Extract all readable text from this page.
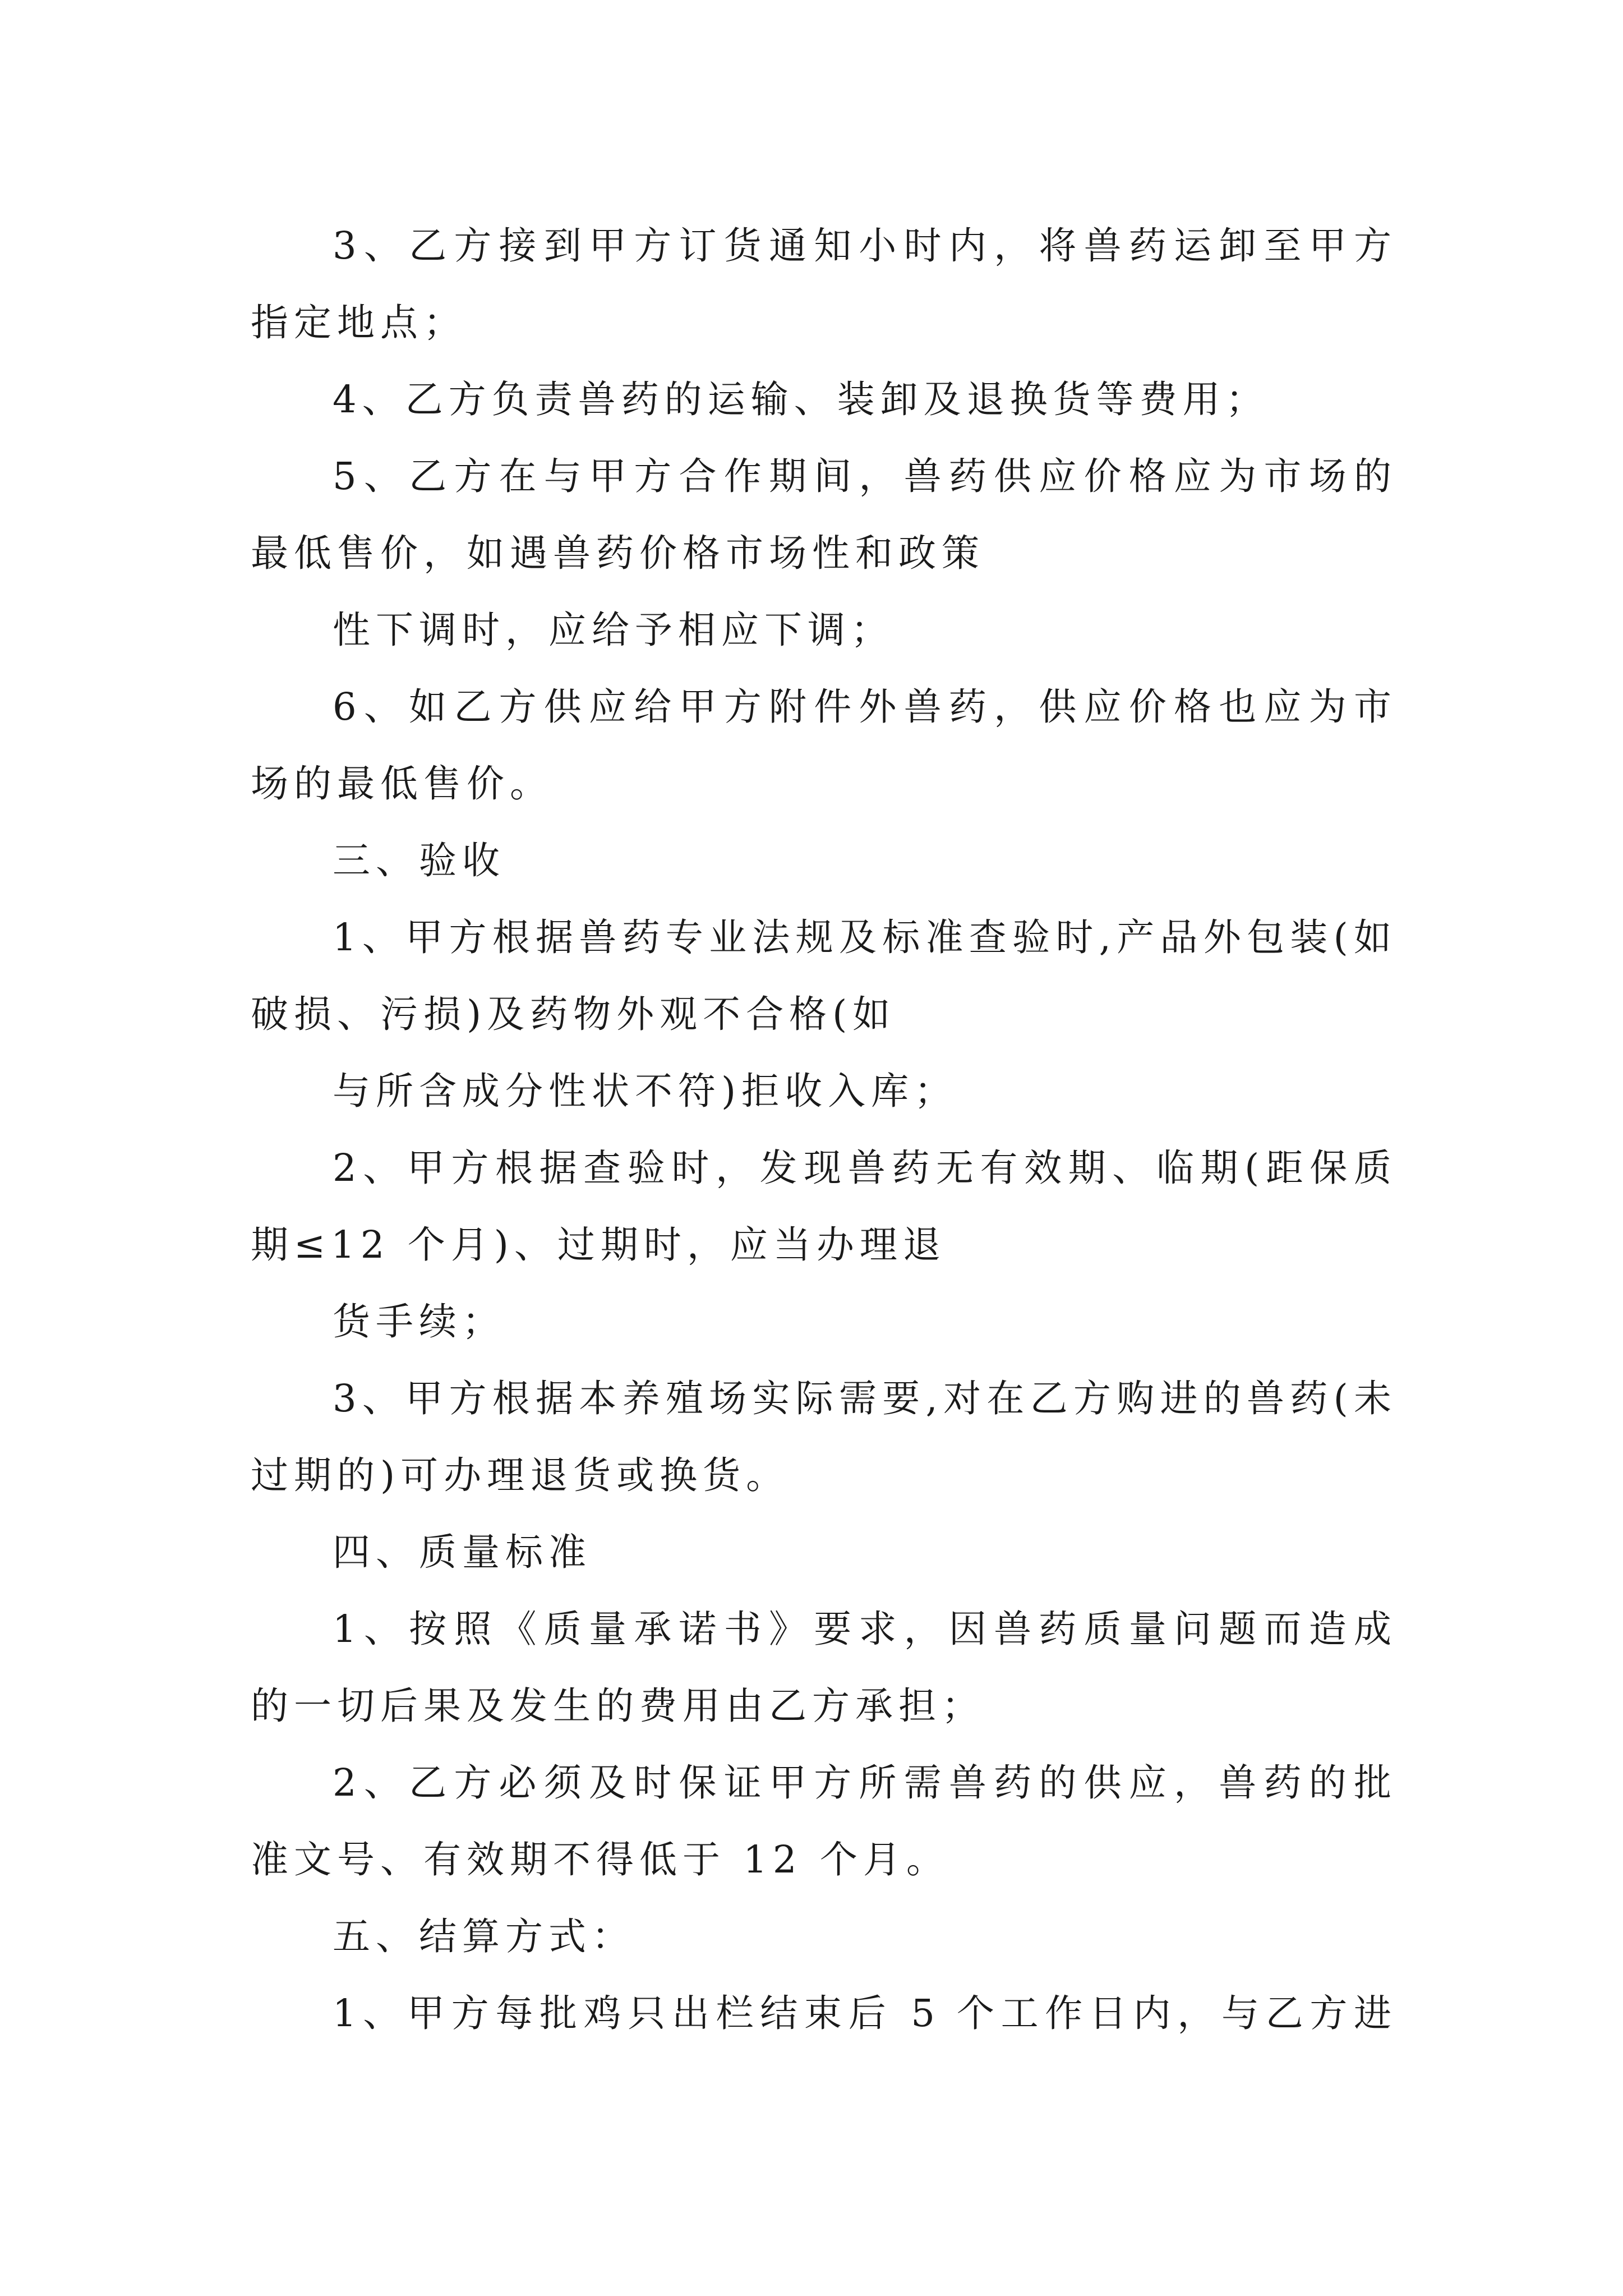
3、乙方接到甲方订货通知小时内，将兽药运卸至甲方
指定地点；
4、乙方负责兽药的运输、装卸及退换货等费用；
5、乙方在与甲方合作期间，兽药供应价格应为市场的
最低售价，如遇兽药价格市场性和政策
性下调时，应给予相应下调；
6、如乙方供应给甲方附件外兽药，供应价格也应为市
场的最低售价。
三、验收
1、甲方根据兽药专业法规及标准查验时,产品外包装(如
破损、污损)及药物外观不合格(如
与所含成分性状不符)拒收入库；
2、甲方根据查验时，发现兽药无有效期、临期(距保质
期≤12 个月)、过期时，应当办理退
货手续；
3、甲方根据本养殖场实际需要,对在乙方购进的兽药(未
过期的)可办理退货或换货。
四、质量标准
1、按照《质量承诺书》要求，因兽药质量问题而造成
的一切后果及发生的费用由乙方承担；
2、乙方必须及时保证甲方所需兽药的供应，兽药的批
准文号、有效期不得低于 12 个月。
五、结算方式：
1、甲方每批鸡只出栏结束后 5 个工作日内，与乙方进
